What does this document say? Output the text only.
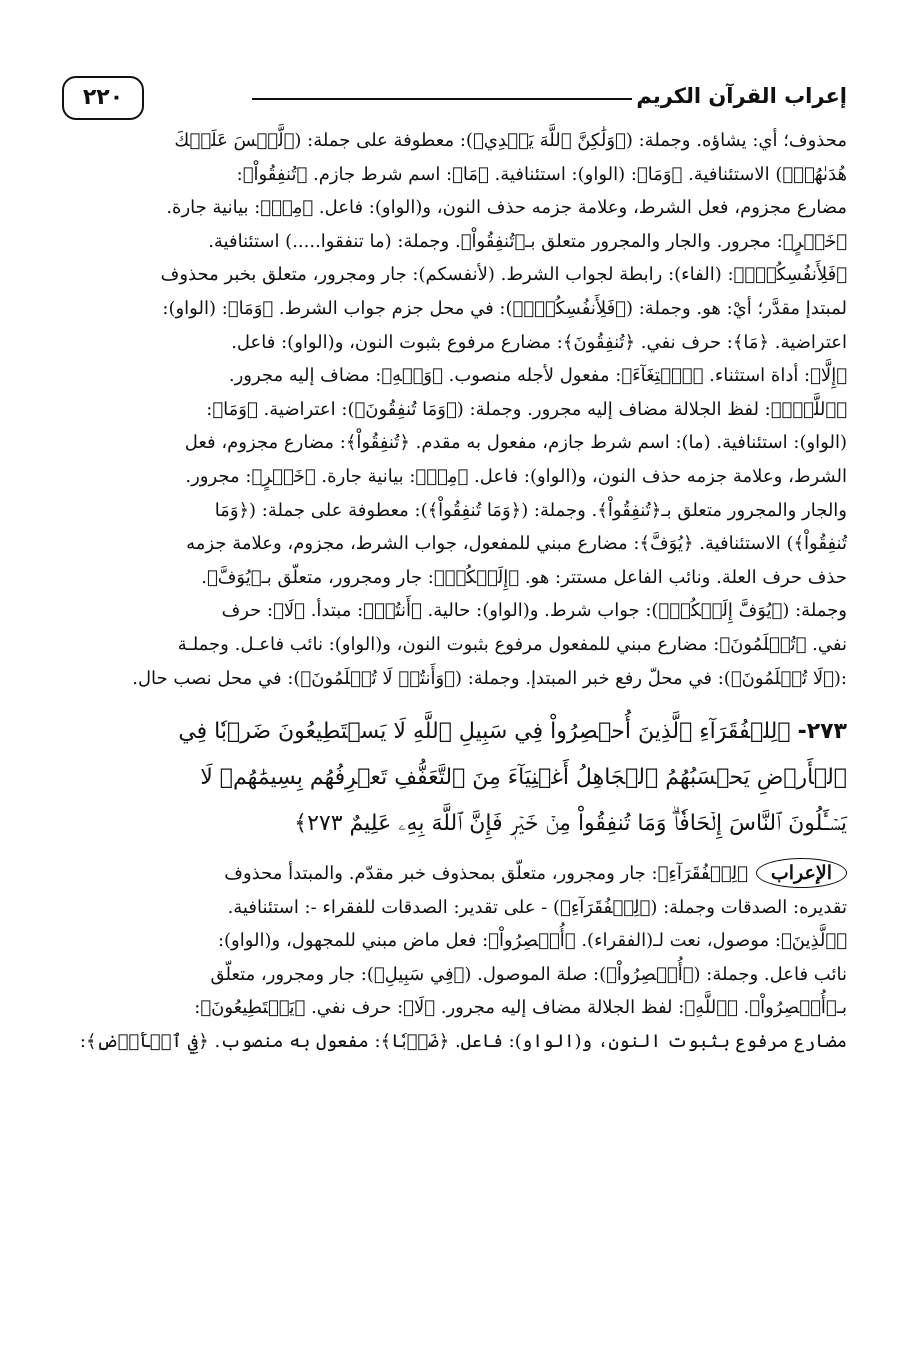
إعراب القرآن الكريم
٢٢٠

محذوف؛ أي: يشاؤه. وجملة: (﴿وَلَٰكِنَّ ٱللَّهَ يَهۡدِي﴾): معطوفة على جملة: (﴿لَّيۡسَ عَلَيۡكَ

هُدَىٰهُمۡ﴾) الاستئنافية. ﴿وَمَا﴾: (الواو): استئنافية. ﴿مَا﴾: اسم شرط جازم. ﴿تُنفِقُواْ﴾:

مضارع مجزوم، فعل الشرط، وعلامة جزمه حذف النون، و(الواو): فاعل. ﴿مِنۡ﴾: بيانية جارة.

﴿خَيۡرٍ﴾: مجرور. والجار والمجرور متعلق بـ﴿تُنفِقُواْ﴾. وجملة: (ما تنفقوا.....) استئنافية.

﴿فَلِأَنفُسِكُمۡۚ﴾: (الفاء): رابطة لجواب الشرط. (لأنفسكم): جار ومجرور، متعلق بخبر محذوف

لمبتدإ مقدَّر؛ أيْ: هو. وجملة: (﴿فَلِأَنفُسِكُمۡۚ﴾): في محل جزم جواب الشرط. ﴿وَمَا﴾: (الواو):

اعتراضية. ﴿مَا﴾: حرف نفي. ﴿تُنفِقُونَ﴾: مضارع مرفوع بثبوت النون، و(الواو): فاعل.

﴿إِلَّا﴾: أداة استثناء. ﴿ٱبۡتِغَآءَ﴾: مفعول لأجله منصوب. ﴿وَجۡهِ﴾: مضاف إليه مجرور.

﴿ٱللَّهِۚ﴾: لفظ الجلالة مضاف إليه مجرور. وجملة: (﴿وَمَا تُنفِقُونَ﴾): اعتراضية. ﴿وَمَا﴾:

(الواو): استئنافية. (ما): اسم شرط جازم، مفعول به مقدم. ﴿تُنفِقُواْ﴾: مضارع مجزوم، فعل

الشرط، وعلامة جزمه حذف النون، و(الواو): فاعل. ﴿مِنۡ﴾: بيانية جارة. ﴿خَيۡرٍ﴾: مجرور.

والجار والمجرور متعلق بـ﴿تُنفِقُواْ﴾. وجملة: (﴿وَمَا تُنفِقُواْ﴾): معطوفة على جملة: (﴿وَمَا

تُنفِقُواْ﴾) الاستئنافية. ﴿يُوَفَّ﴾: مضارع مبني للمفعول، جواب الشرط، مجزوم، وعلامة جزمه

حذف حرف العلة. ونائب الفاعل مستتر: هو. ﴿إِلَيۡكُمۡ﴾: جار ومجرور، متعلّق بـ﴿يُوَفَّ﴾.

وجملة: (﴿يُوَفَّ إِلَيۡكُمۡ﴾): جواب شرط. و(الواو): حالية. ﴿أَنتُمۡ﴾: مبتدأ. ﴿لَا﴾: حرف

نفي. ﴿تُظۡلَمُونَ﴾: مضارع مبني للمفعول مرفوع بثبوت النون، و(الواو): نائب فاعـل. وجملـة

:(﴿لَا تُظۡلَمُونَ﴾): في محلّ رفع خبر المبتدإ. وجملة: (﴿وَأَنتُمۡ لَا تُظۡلَمُونَ﴾): في محل نصب حال.

٢٧٣- ﴿لِلۡفُقَرَآءِ ٱلَّذِينَ أُحۡصِرُواْ فِي سَبِيلِ ٱللَّهِ لَا يَسۡتَطِيعُونَ ضَرۡبٗا فِي

ٱلۡأَرۡضِ يَحۡسَبُهُمُ ٱلۡجَاهِلُ أَغۡنِيَآءَ مِنَ ٱلتَّعَفُّفِ تَعۡرِفُهُم بِسِيمَٰهُمۡ لَا

يَسۡـَٔلُونَ ٱلنَّاسَ إِلۡحَافٗاۗ وَمَا تُنفِقُواْ مِنۡ خَيۡرٖ فَإِنَّ ٱللَّهَ بِهِۦ عَلِيمٌ ٢٧٣﴾

الإعراب﴿لِلۡفُقَرَآءِ﴾: جار ومجرور، متعلّق بمحذوف خبر مقدّم. والمبتدأ محذوف

تقديره: الصدقات وجملة: (﴿لِلۡفُقَرَآءِ﴾) - على تقدير: الصدقات للفقراء -: استئنافية.

﴿ٱلَّذِينَ﴾: موصول، نعت لـ(الفقراء). ﴿أُحۡصِرُواْ﴾: فعل ماض مبني للمجهول، و(الواو):

نائب فاعل. وجملة: (﴿أُحۡصِرُواْ﴾): صلة الموصول. (﴿فِي سَبِيلِ﴾): جار ومجرور، متعلّق

بـ﴿أُحۡصِرُواْ﴾. ﴿ٱللَّهِ﴾: لفظ الجلالة مضاف إليه مجرور. ﴿لَا﴾: حرف نفي. ﴿يَسۡتَطِيعُونَ﴾:

مضارع مرفوع بثبوت النون، و(الواو): فاعل. ﴿ضَرۡبٗا﴾: مفعول به منصوب. ﴿فِي ٱلۡأَرۡضِ﴾:
